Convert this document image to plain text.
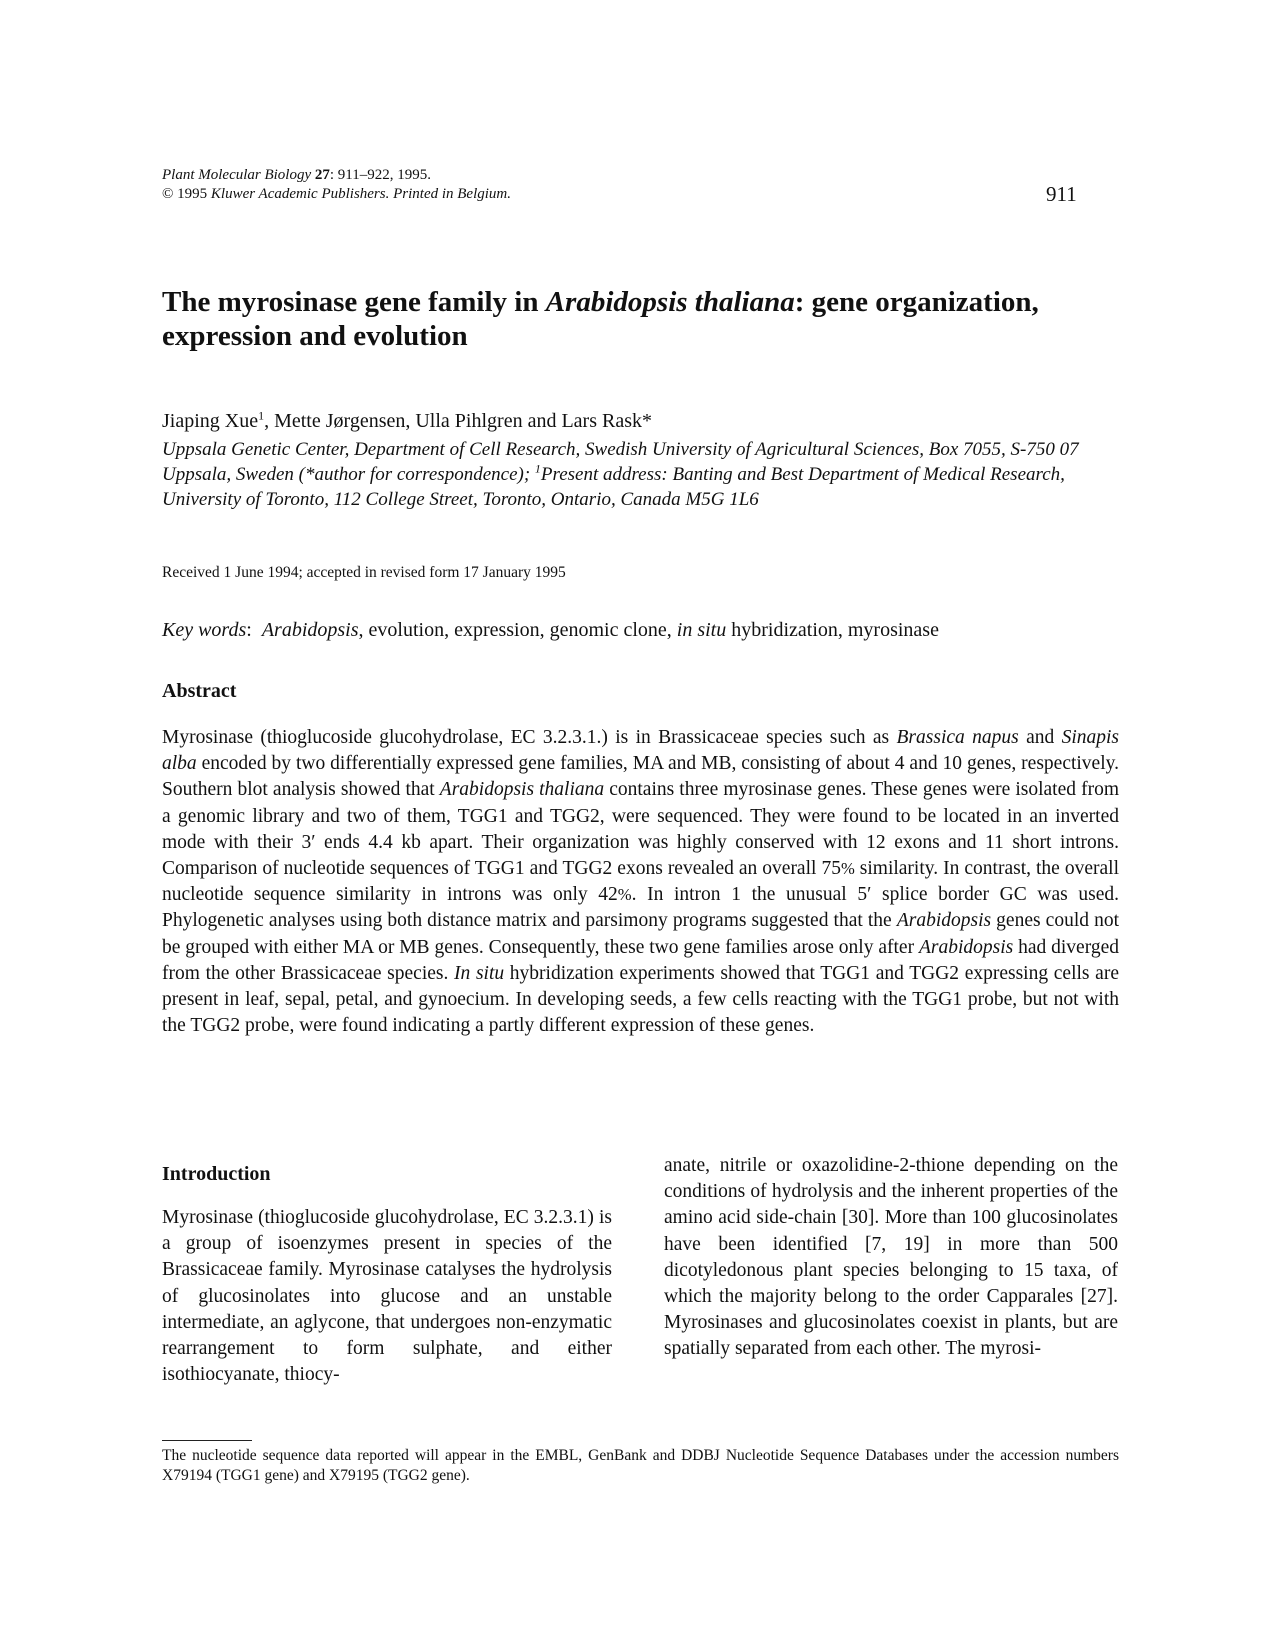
Plant Molecular Biology 27: 911–922, 1995.
© 1995 Kluwer Academic Publishers. Printed in Belgium.	911
The myrosinase gene family in Arabidopsis thaliana: gene organization, expression and evolution
Jiaping Xue$^1$, Mette Jørgensen, Ulla Pihlgren and Lars Rask*
Uppsala Genetic Center, Department of Cell Research, Swedish University of Agricultural Sciences, Box 7055, S-750 07 Uppsala, Sweden (*author for correspondence); $^1$Present address: Banting and Best Department of Medical Research, University of Toronto, 112 College Street, Toronto, Ontario, Canada M5G 1L6
Received 1 June 1994; accepted in revised form 17 January 1995
Key words: Arabidopsis, evolution, expression, genomic clone, in situ hybridization, myrosinase
Abstract

Myrosinase (thioglucoside glucohydrolase, EC 3.2.3.1.) is in Brassicaceae species such as Brassica napus and Sinapis alba encoded by two differentially expressed gene families, MA and MB, consisting of about 4 and 10 genes, respectively. Southern blot analysis showed that Arabidopsis thaliana contains three myrosinase genes. These genes were isolated from a genomic library and two of them, TGG1 and TGG2, were sequenced. They were found to be located in an inverted mode with their 3′ ends 4.4 kb apart. Their organization was highly conserved with 12 exons and 11 short introns. Comparison of nucleotide sequences of TGG1 and TGG2 exons revealed an overall 75% similarity. In contrast, the overall nucleotide sequence similarity in introns was only 42%. In intron 1 the unusual 5′ splice border GC was used. Phylogenetic analyses using both distance matrix and parsimony programs suggested that the Arabidopsis genes could not be grouped with either MA or MB genes. Consequently, these two gene families arose only after Arabidopsis had diverged from the other Brassicaceae species. In situ hybridization experiments showed that TGG1 and TGG2 expressing cells are present in leaf, sepal, petal, and gynoecium. In developing seeds, a few cells reacting with the TGG1 probe, but not with the TGG2 probe, were found indicating a partly different expression of these genes.

Introduction

Myrosinase (thioglucoside glucohydrolase, EC 3.2.3.1) is a group of isoenzymes present in species of the Brassicaceae family. Myrosinase catalyses the hydrolysis of glucosinolates into glucose and an unstable intermediate, an aglycone, that undergoes non-enzymatic rearrangement to form sulphate, and either isothiocyanate, thiocy-

anate, nitrile or oxazolidine-2-thione depending on the conditions of hydrolysis and the inherent properties of the amino acid side-chain [30]. More than 100 glucosinolates have been identified [7, 19] in more than 500 dicotyledonous plant species belonging to 15 taxa, of which the majority belong to the order Capparales [27]. Myrosinases and glucosinolates coexist in plants, but are spatially separated from each other. The myrosi-

The nucleotide sequence data reported will appear in the EMBL, GenBank and DDBJ Nucleotide Sequence Databases under the accession numbers X79194 (TGG1 gene) and X79195 (TGG2 gene).
